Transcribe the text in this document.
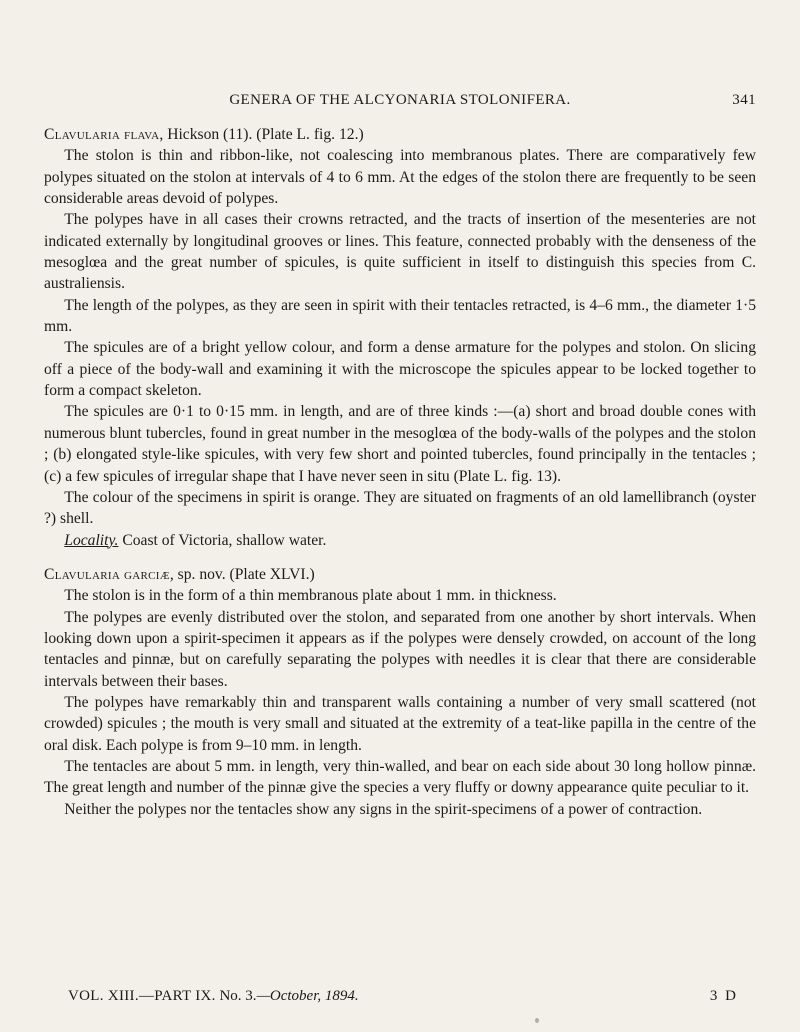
GENERA OF THE ALCYONARIA STOLONIFERA.	341

Clavularia flava, Hickson (11). (Plate L. fig. 12.)

The stolon is thin and ribbon-like, not coalescing into membranous plates. There are comparatively few polypes situated on the stolon at intervals of 4 to 6 mm. At the edges of the stolon there are frequently to be seen considerable areas devoid of polypes.

The polypes have in all cases their crowns retracted, and the tracts of insertion of the mesenteries are not indicated externally by longitudinal grooves or lines. This feature, connected probably with the denseness of the mesoglœa and the great number of spicules, is quite sufficient in itself to distinguish this species from C. australiensis.

The length of the polypes, as they are seen in spirit with their tentacles retracted, is 4–6 mm., the diameter 1·5 mm.

The spicules are of a bright yellow colour, and form a dense armature for the polypes and stolon. On slicing off a piece of the body-wall and examining it with the microscope the spicules appear to be locked together to form a compact skeleton.

The spicules are 0·1 to 0·15 mm. in length, and are of three kinds :—(a) short and broad double cones with numerous blunt tubercles, found in great number in the mesoglœa of the body-walls of the polypes and the stolon ; (b) elongated style-like spicules, with very few short and pointed tubercles, found principally in the tentacles ; (c) a few spicules of irregular shape that I have never seen in situ (Plate L. fig. 13).

The colour of the specimens in spirit is orange. They are situated on fragments of an old lamellibranch (oyster ?) shell.

Locality. Coast of Victoria, shallow water.

Clavularia garciæ, sp. nov. (Plate XLVI.)

The stolon is in the form of a thin membranous plate about 1 mm. in thickness.

The polypes are evenly distributed over the stolon, and separated from one another by short intervals. When looking down upon a spirit-specimen it appears as if the polypes were densely crowded, on account of the long tentacles and pinnæ, but on carefully separating the polypes with needles it is clear that there are considerable intervals between their bases.

The polypes have remarkably thin and transparent walls containing a number of very small scattered (not crowded) spicules ; the mouth is very small and situated at the extremity of a teat-like papilla in the centre of the oral disk. Each polype is from 9–10 mm. in length.

The tentacles are about 5 mm. in length, very thin-walled, and bear on each side about 30 long hollow pinnæ. The great length and number of the pinnæ give the species a very fluffy or downy appearance quite peculiar to it.

Neither the polypes nor the tentacles show any signs in the spirit-specimens of a power of contraction.

VOL. XIII.—PART IX. No. 3.—October, 1894.	3 D
